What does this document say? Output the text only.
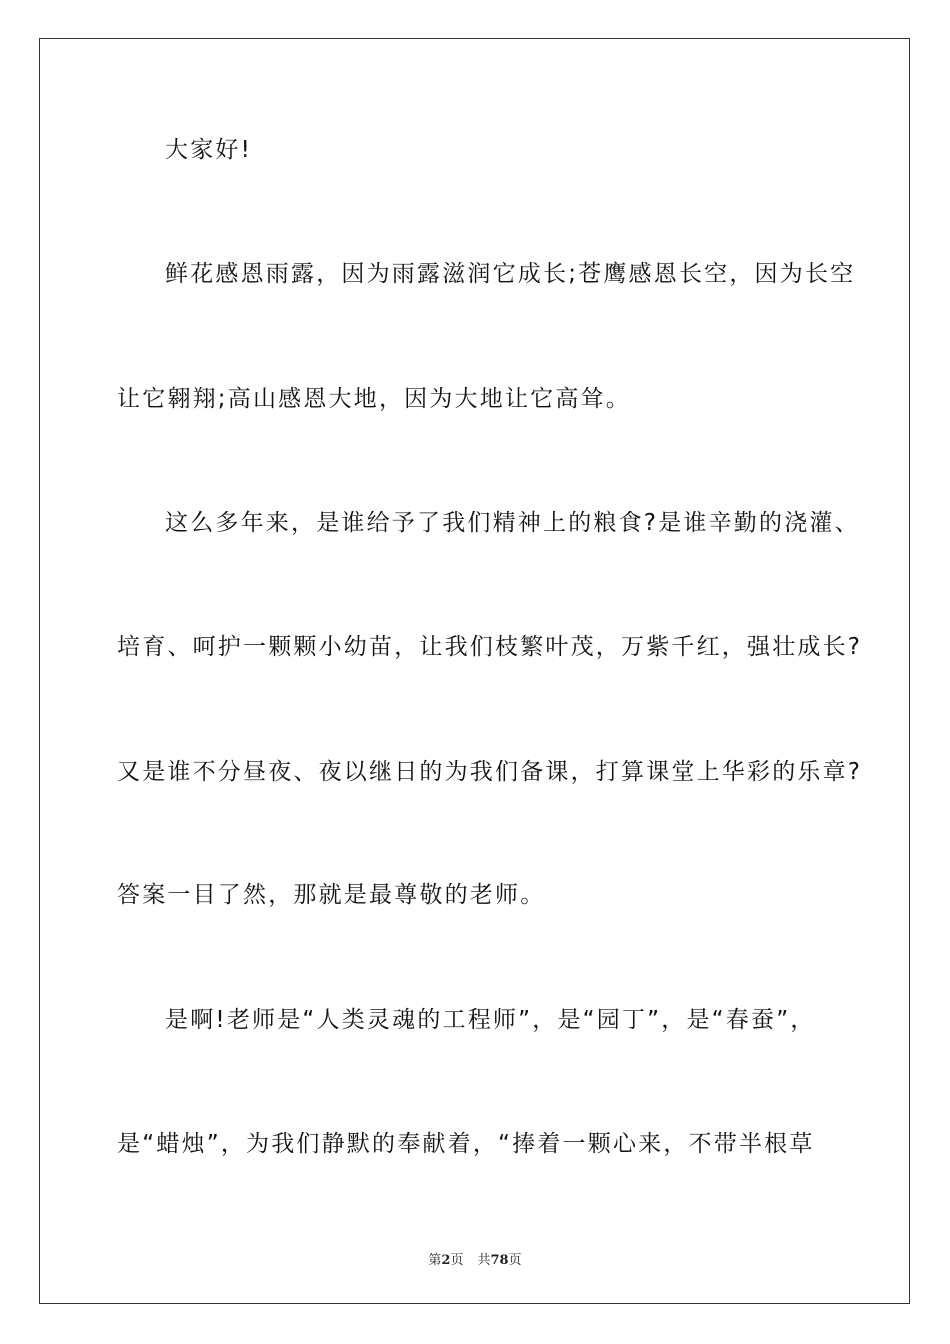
大家好!
鲜花感恩雨露，因为雨露滋润它成长;苍鹰感恩长空，因为长空
让它翱翔;高山感恩大地，因为大地让它高耸。
这么多年来，是谁给予了我们精神上的粮食?是谁辛勤的浇灌、
培育、呵护一颗颗小幼苗，让我们枝繁叶茂，万紫千红，强壮成长?
又是谁不分昼夜、夜以继日的为我们备课，打算课堂上华彩的乐章?
答案一目了然，那就是最尊敬的老师。
是啊!老师是“人类灵魂的工程师”，是“园丁”，是“春蚕”，
是“蜡烛”，为我们静默的奉献着，“捧着一颗心来，不带半根草
第2页 共78页
